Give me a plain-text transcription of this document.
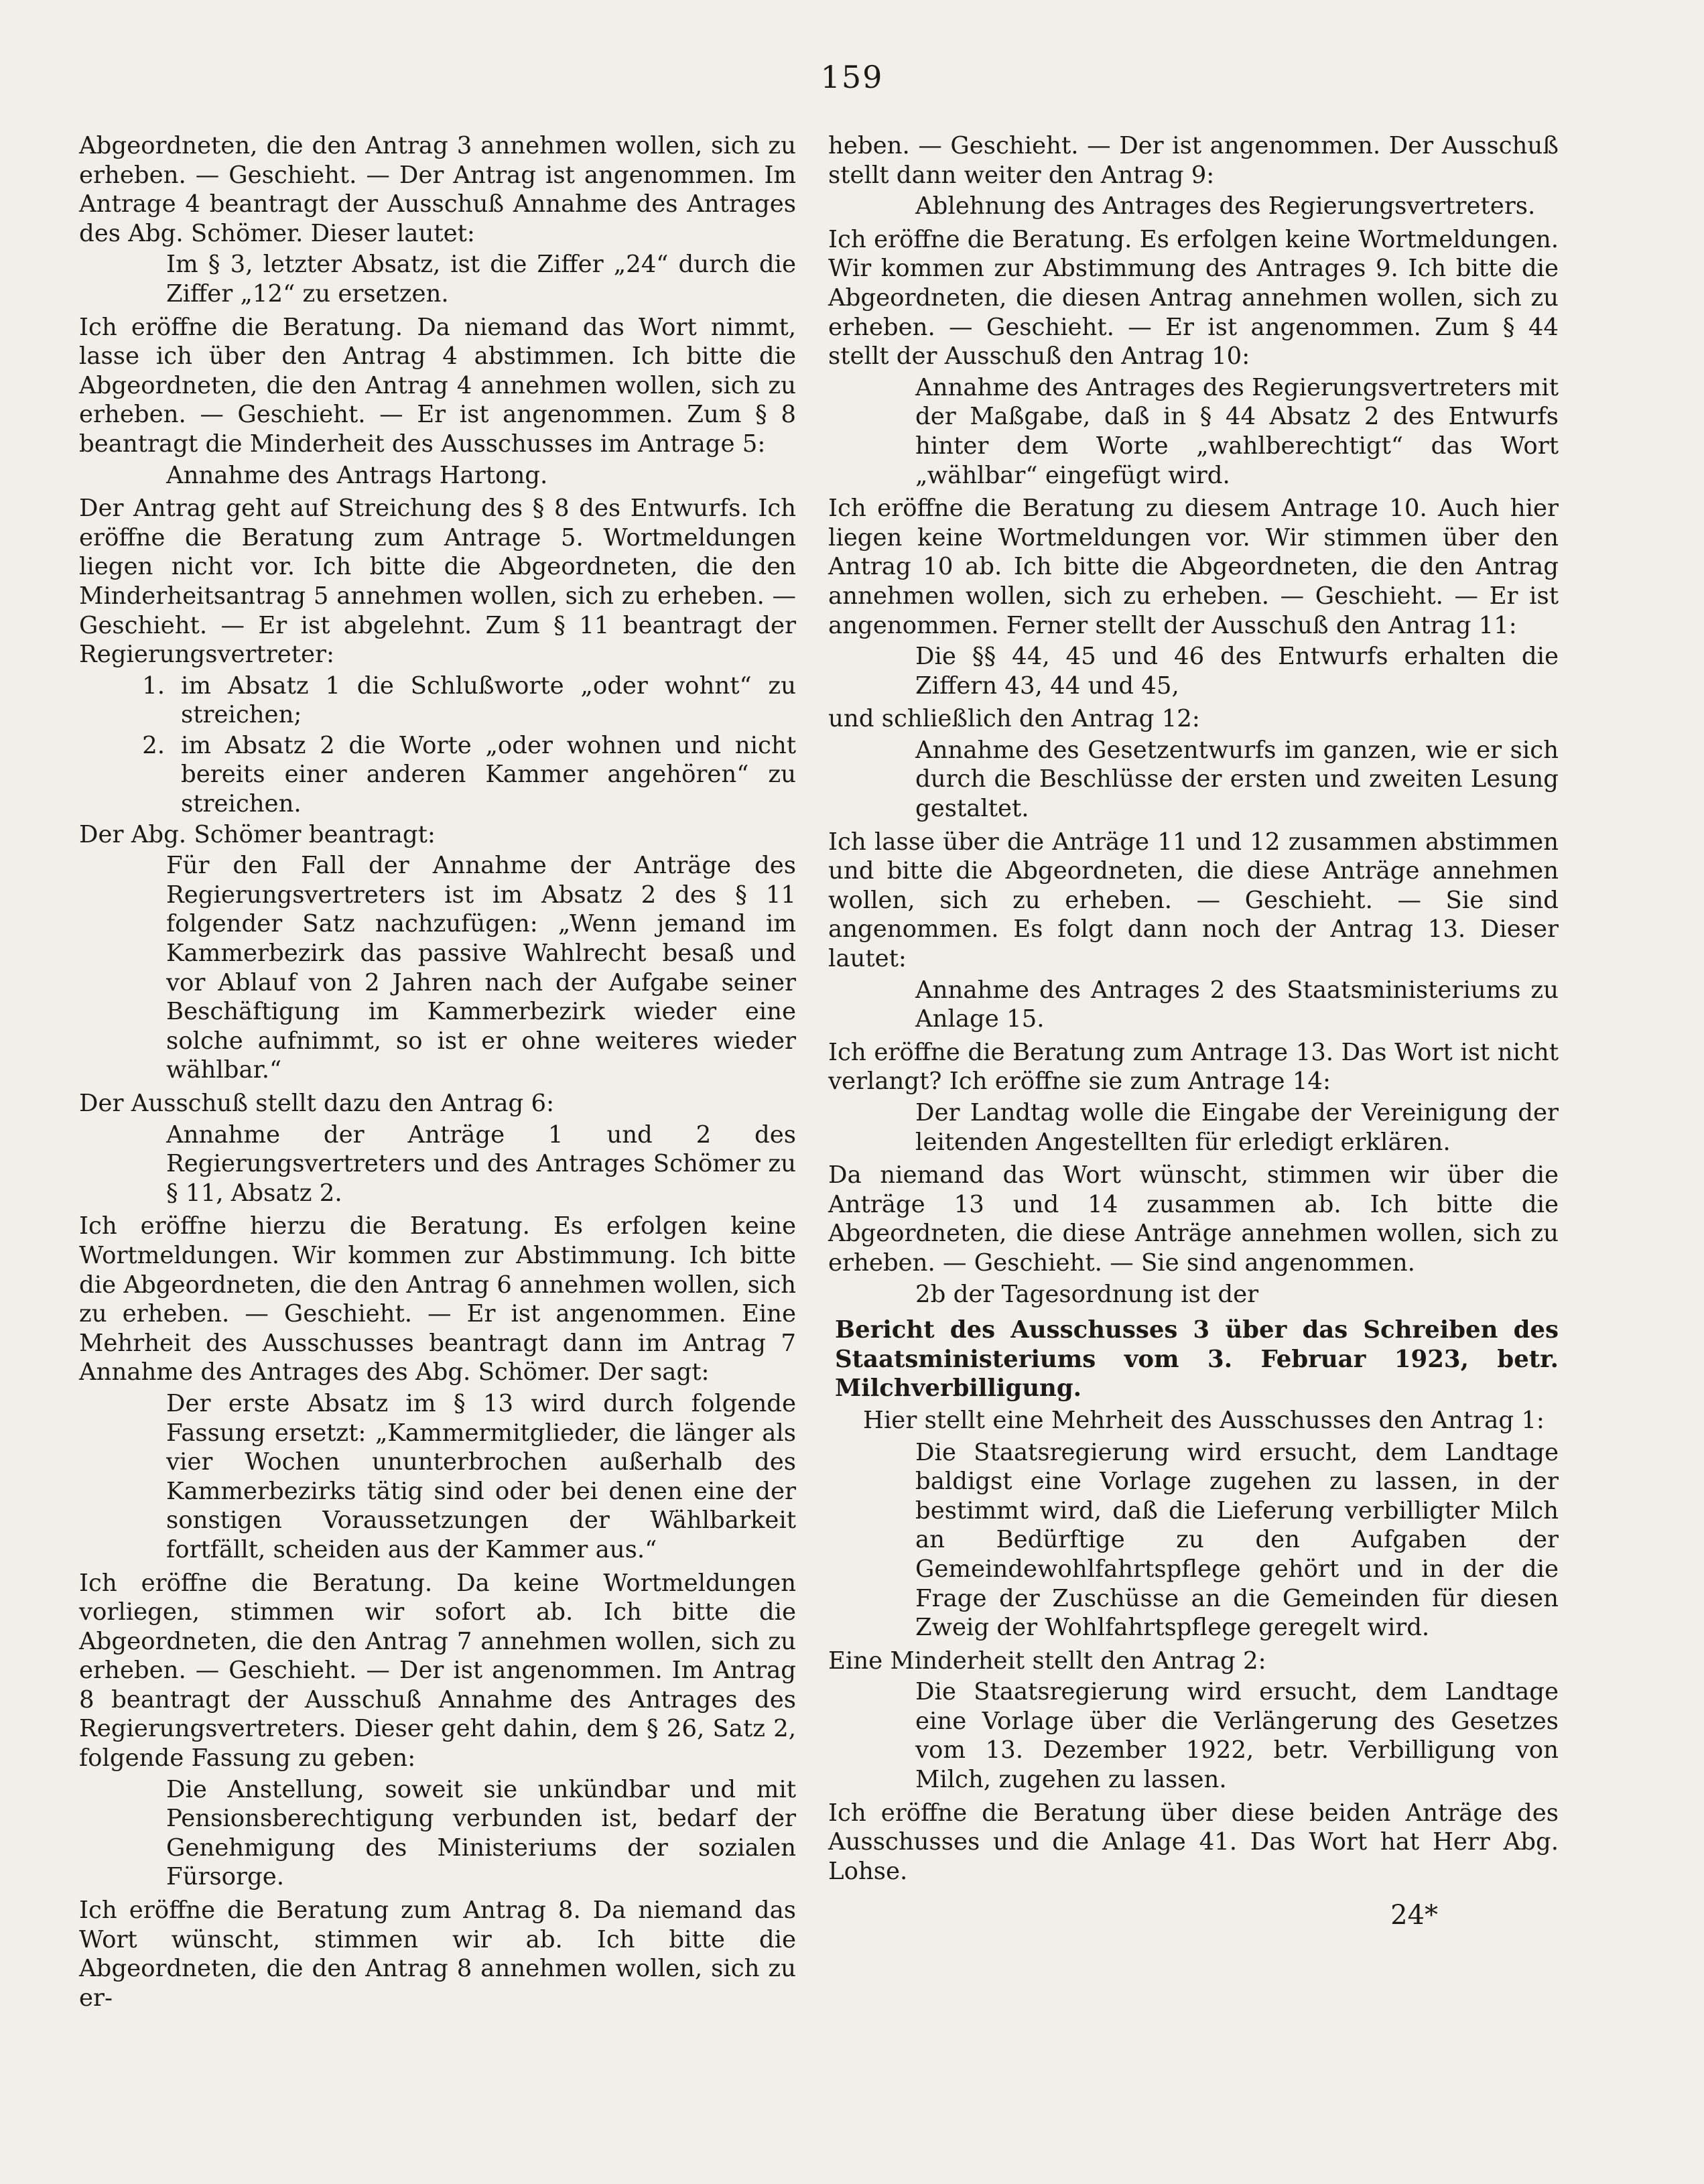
159
Abgeordneten, die den Antrag 3 annehmen wollen, sich zu erheben. — Geschieht. — Der Antrag ist angenommen. Im Antrage 4 beantragt der Ausschuß Annahme des Antrages des Abg. Schömer. Dieser lautet:
Im § 3, letzter Absatz, ist die Ziffer „24“ durch die Ziffer „12“ zu ersetzen.
Ich eröffne die Beratung. Da niemand das Wort nimmt, lasse ich über den Antrag 4 abstimmen. Ich bitte die Abgeordneten, die den Antrag 4 annehmen wollen, sich zu erheben. — Geschieht. — Er ist angenommen. Zum § 8 beantragt die Minderheit des Ausschusses im Antrage 5:
Annahme des Antrags Hartong.
Der Antrag geht auf Streichung des § 8 des Entwurfs. Ich eröffne die Beratung zum Antrage 5. Wortmeldungen liegen nicht vor. Ich bitte die Abgeordneten, die den Minderheitsantrag 5 annehmen wollen, sich zu erheben. — Geschieht. — Er ist abgelehnt. Zum § 11 beantragt der Regierungsvertreter:
1. im Absatz 1 die Schlußworte „oder wohnt“ zu streichen;
2. im Absatz 2 die Worte „oder wohnen und nicht bereits einer anderen Kammer angehören“ zu streichen.
Der Abg. Schömer beantragt:
Für den Fall der Annahme der Anträge des Regierungsvertreters ist im Absatz 2 des § 11 folgender Satz nachzufügen: „Wenn jemand im Kammerbezirk das passive Wahlrecht besaß und vor Ablauf von 2 Jahren nach der Aufgabe seiner Beschäftigung im Kammerbezirk wieder eine solche aufnimmt, so ist er ohne weiteres wieder wählbar.“
Der Ausschuß stellt dazu den Antrag 6:
Annahme der Anträge 1 und 2 des Regierungsvertreters und des Antrages Schömer zu § 11, Absatz 2.
Ich eröffne hierzu die Beratung. Es erfolgen keine Wortmeldungen. Wir kommen zur Abstimmung. Ich bitte die Abgeordneten, die den Antrag 6 annehmen wollen, sich zu erheben. — Geschieht. — Er ist angenommen. Eine Mehrheit des Ausschusses beantragt dann im Antrag 7 Annahme des Antrages des Abg. Schömer. Der sagt:
Der erste Absatz im § 13 wird durch folgende Fassung ersetzt: „Kammermitglieder, die länger als vier Wochen ununterbrochen außerhalb des Kammerbezirks tätig sind oder bei denen eine der sonstigen Voraussetzungen der Wählbarkeit fortfällt, scheiden aus der Kammer aus.“
Ich eröffne die Beratung. Da keine Wortmeldungen vorliegen, stimmen wir sofort ab. Ich bitte die Abgeordneten, die den Antrag 7 annehmen wollen, sich zu erheben. — Geschieht. — Der ist angenommen. Im Antrag 8 beantragt der Ausschuß Annahme des Antrages des Regierungsvertreters. Dieser geht dahin, dem § 26, Satz 2, folgende Fassung zu geben:
Die Anstellung, soweit sie unkündbar und mit Pensionsberechtigung verbunden ist, bedarf der Genehmigung des Ministeriums der sozialen Fürsorge.
Ich eröffne die Beratung zum Antrag 8. Da niemand das Wort wünscht, stimmen wir ab. Ich bitte die Abgeordneten, die den Antrag 8 annehmen wollen, sich zu er-
heben. — Geschieht. — Der ist angenommen. Der Ausschuß stellt dann weiter den Antrag 9:
Ablehnung des Antrages des Regierungsvertreters.
Ich eröffne die Beratung. Es erfolgen keine Wortmeldungen. Wir kommen zur Abstimmung des Antrages 9. Ich bitte die Abgeordneten, die diesen Antrag annehmen wollen, sich zu erheben. — Geschieht. — Er ist angenommen. Zum § 44 stellt der Ausschuß den Antrag 10:
Annahme des Antrages des Regierungsvertreters mit der Maßgabe, daß in § 44 Absatz 2 des Entwurfs hinter dem Worte „wahlberechtigt“ das Wort „wählbar“ eingefügt wird.
Ich eröffne die Beratung zu diesem Antrage 10. Auch hier liegen keine Wortmeldungen vor. Wir stimmen über den Antrag 10 ab. Ich bitte die Abgeordneten, die den Antrag annehmen wollen, sich zu erheben. — Geschieht. — Er ist angenommen. Ferner stellt der Ausschuß den Antrag 11:
Die §§ 44, 45 und 46 des Entwurfs erhalten die Ziffern 43, 44 und 45,
und schließlich den Antrag 12:
Annahme des Gesetzentwurfs im ganzen, wie er sich durch die Beschlüsse der ersten und zweiten Lesung gestaltet.
Ich lasse über die Anträge 11 und 12 zusammen abstimmen und bitte die Abgeordneten, die diese Anträge annehmen wollen, sich zu erheben. — Geschieht. — Sie sind angenommen. Es folgt dann noch der Antrag 13. Dieser lautet:
Annahme des Antrages 2 des Staatsministeriums zu Anlage 15.
Ich eröffne die Beratung zum Antrage 13. Das Wort ist nicht verlangt? Ich eröffne sie zum Antrage 14:
Der Landtag wolle die Eingabe der Vereinigung der leitenden Angestellten für erledigt erklären.
Da niemand das Wort wünscht, stimmen wir über die Anträge 13 und 14 zusammen ab. Ich bitte die Abgeordneten, die diese Anträge annehmen wollen, sich zu erheben. — Geschieht. — Sie sind angenommen.
2b der Tagesordnung ist der
Bericht des Ausschusses 3 über das Schreiben des Staatsministeriums vom 3. Februar 1923, betr. Milchverbilligung.
Hier stellt eine Mehrheit des Ausschusses den Antrag 1:
Die Staatsregierung wird ersucht, dem Landtage baldigst eine Vorlage zugehen zu lassen, in der bestimmt wird, daß die Lieferung verbilligter Milch an Bedürftige zu den Aufgaben der Gemeindewohlfahrtspflege gehört und in der die Frage der Zuschüsse an die Gemeinden für diesen Zweig der Wohlfahrtspflege geregelt wird.
Eine Minderheit stellt den Antrag 2:
Die Staatsregierung wird ersucht, dem Landtage eine Vorlage über die Verlängerung des Gesetzes vom 13. Dezember 1922, betr. Verbilligung von Milch, zugehen zu lassen.
Ich eröffne die Beratung über diese beiden Anträge des Ausschusses und die Anlage 41. Das Wort hat Herr Abg. Lohse.
24*
